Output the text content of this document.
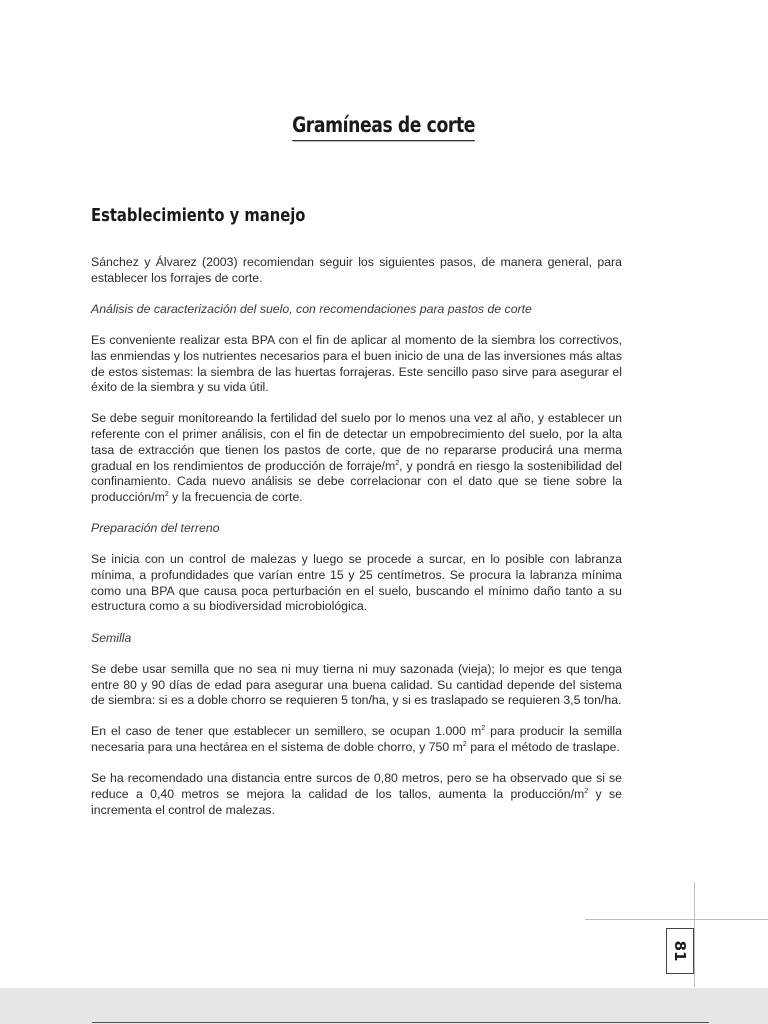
Gramíneas de corte
Establecimiento y manejo

Sánchez y Álvarez (2003) recomiendan seguir los siguientes pasos, de manera general, para establecer los forrajes de corte.

Análisis de caracterización del suelo, con recomendaciones para pastos de corte

Es conveniente realizar esta BPA con el fin de aplicar al momento de la siembra los correctivos, las enmiendas y los nutrientes necesarios para el buen inicio de una de las inversiones más altas de estos sistemas: la siembra de las huertas forrajeras. Este sencillo paso sirve para asegurar el éxito de la siembra y su vida útil.

Se debe seguir monitoreando la fertilidad del suelo por lo menos una vez al año, y establecer un referente con el primer análisis, con el fin de detectar un empobrecimiento del suelo, por la alta tasa de extracción que tienen los pastos de corte, que de no repararse producirá una merma gradual en los rendimientos de producción de forraje/$m^2$, y pondrá en riesgo la sostenibilidad del confinamiento. Cada nuevo análisis se debe correlacionar con el dato que se tiene sobre la producción/$m^2$ y la frecuencia de corte.

Preparación del terreno

Se inicia con un control de malezas y luego se procede a surcar, en lo posible con labranza mínima, a profundidades que varían entre 15 y 25 centímetros. Se procura la labranza mínima como una BPA que causa poca perturbación en el suelo, buscando el mínimo daño tanto a su estructura como a su biodiversidad microbiológica.

Semilla

Se debe usar semilla que no sea ni muy tierna ni muy sazonada (vieja); lo mejor es que tenga entre 80 y 90 días de edad para asegurar una buena calidad. Su cantidad depende del sistema de siembra: si es a doble chorro se requieren 5 ton/ha, y si es traslapado se requieren 3,5 ton/ha.

En el caso de tener que establecer un semillero, se ocupan 1.000 $m^2$ para producir la semilla necesaria para una hectárea en el sistema de doble chorro, y 750 $m^2$ para el método de traslape.

Se ha recomendado una distancia entre surcos de 0,80 metros, pero se ha observado que si se reduce a 0,40 metros se mejora la calidad de los tallos, aumenta la producción/$m^2$ y se incrementa el control de malezas.

81
